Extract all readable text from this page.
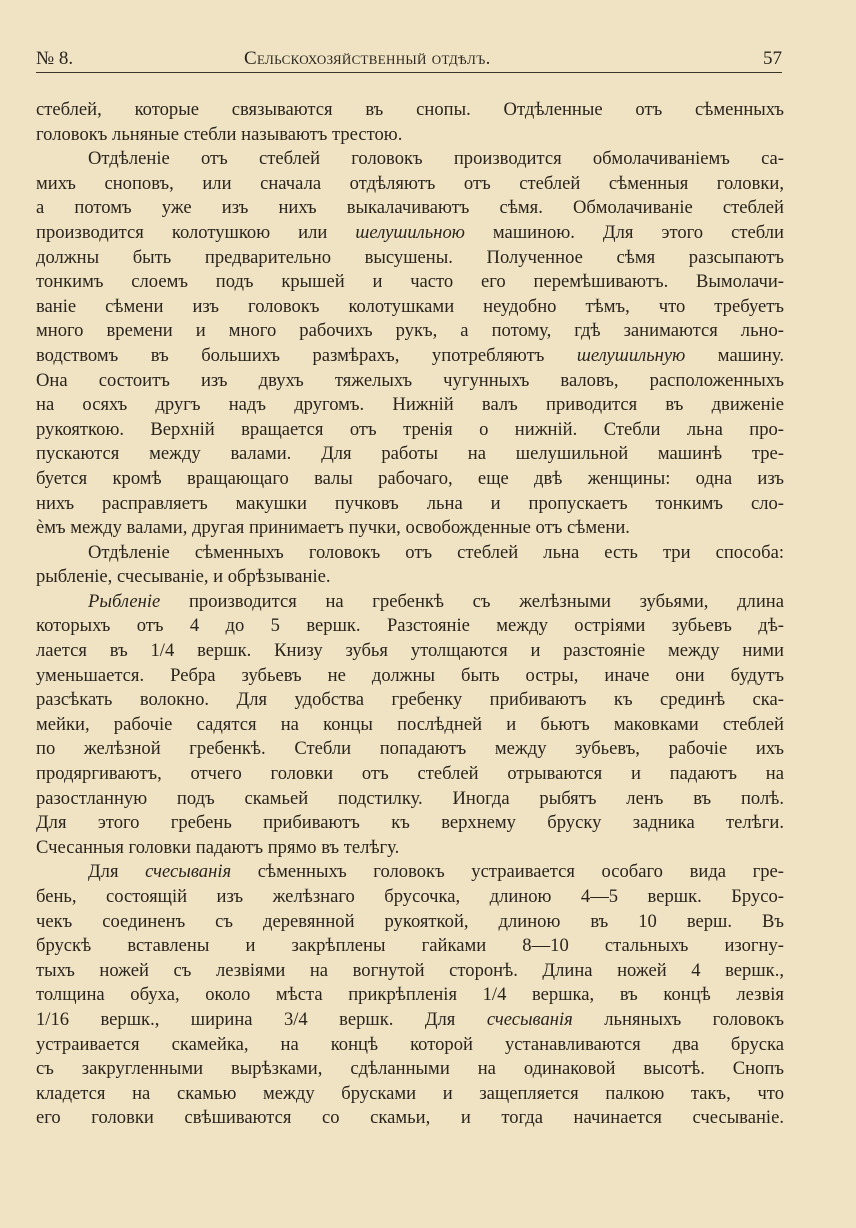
№ 8.	Сельскохозяйственный отдѣлъ.	57
стеблей, которые связываются въ снопы. Отдѣленные отъ сѣменныхъ
головокъ льняные стебли называютъ трестою.
Отдѣленіе отъ стеблей головокъ производится обмолачиваніемъ са-
михъ сноповъ, или сначала отдѣляютъ отъ стеблей сѣменныя головки,
а потомъ уже изъ нихъ выкалачиваютъ сѣмя. Обмолачиваніе стеблей
производится колотушкою или шелушильною машиною. Для этого стебли
должны быть предварительно высушены. Полученное сѣмя разсыпаютъ
тонкимъ слоемъ подъ крышей и часто его перемѣшиваютъ. Вымолачи-
ваніе сѣмени изъ головокъ колотушками неудобно тѣмъ, что требуетъ
много времени и много рабочихъ рукъ, а потому, гдѣ занимаются льно-
водствомъ въ большихъ размѣрахъ, употребляютъ шелушильную машину.
Она состоитъ изъ двухъ тяжелыхъ чугунныхъ валовъ, расположенныхъ
на осяхъ другъ надъ другомъ. Нижній валъ приводится въ движеніе
рукояткою. Верхній вращается отъ тренія о нижній. Стебли льна про-
пускаются между валами. Для работы на шелушильной машинѣ тре-
буется кромѣ вращающаго валы рабочаго, еще двѣ женщины: одна изъ
нихъ расправляетъ макушки пучковъ льна и пропускаетъ тонкимъ сло-
ѐмъ между валами, другая принимаетъ пучки, освобожденные отъ сѣмени.
Отдѣленіе сѣменныхъ головокъ отъ стеблей льна есть три способа:
рыбленіе, счесываніе, и обрѣзываніе.
Рыбленіе производится на гребенкѣ съ желѣзными зубьями, длина
которыхъ отъ 4 до 5 вершк. Разстояніе между остріями зубьевъ дѣ-
лается въ 1/4 вершк. Книзу зубья утолщаются и разстояніе между ними
уменьшается. Ребра зубьевъ не должны быть остры, иначе они будутъ
разсѣкать волокно. Для удобства гребенку прибиваютъ къ срединѣ ска-
мейки, рабочіе садятся на концы послѣдней и бьютъ маковками стеблей
по желѣзной гребенкѣ. Стебли попадаютъ между зубьевъ, рабочіе ихъ
продяргиваютъ, отчего головки отъ стеблей отрываются и падаютъ на
разостланную подъ скамьей подстилку. Иногда рыбятъ ленъ въ полѣ.
Для этого гребень прибиваютъ къ верхнему бруску задника телѣги.
Счесанныя головки падаютъ прямо въ телѣгу.
Для счесыванія сѣменныхъ головокъ устраивается особаго вида гре-
бень, состоящій изъ желѣзнаго брусочка, длиною 4—5 вершк. Брусо-
чекъ соединенъ съ деревянной рукояткой, длиною въ 10 верш. Въ
брускѣ вставлены и закрѣплены гайками 8—10 стальныхъ изогну-
тыхъ ножей съ лезвіями на вогнутой сторонѣ. Длина ножей 4 вершк.,
толщина обуха, около мѣста прикрѣпленія 1/4 вершка, въ концѣ лезвія
1/16 вершк., ширина 3/4 вершк. Для счесыванія льняныхъ головокъ
устраивается скамейка, на концѣ которой устанавливаются два бруска
съ закругленными вырѣзками, сдѣланными на одинаковой высотѣ. Снопъ
кладется на скамью между брусками и защепляется палкою такъ, что
его головки свѣшиваются со скамьи, и тогда начинается счесываніе.
